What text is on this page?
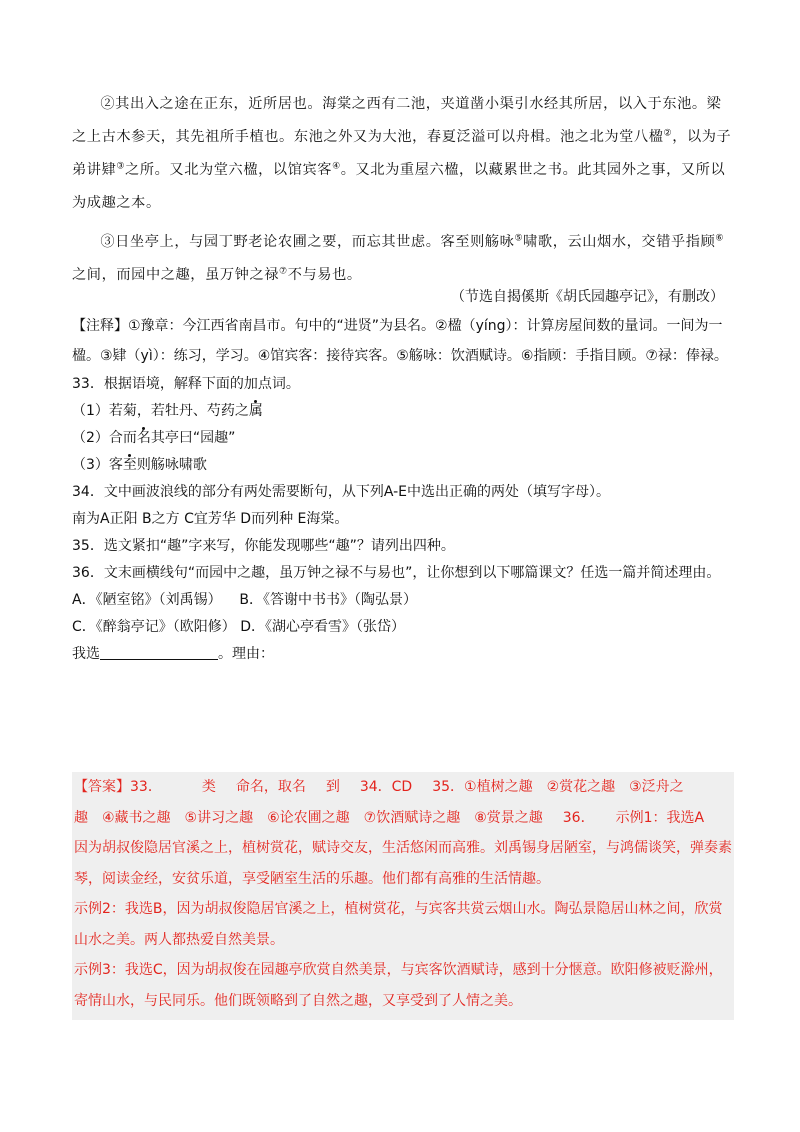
②其出入之途在正东，近所居也。海棠之西有二池，夹道凿小渠引水经其所居，以入于东池。梁之上古木参天，其先祖所手植也。东池之外又为大池，春夏泛溢可以舟楫。池之北为堂八楹②，以为子弟讲肄③之所。又北为堂六楹，以馆宾客④。又北为重屋六楹，以藏累世之书。此其园外之事，又所以为成趣之本。

③日坐亭上，与园丁野老论农圃之要，而忘其世虑。客至则觞咏⑤啸歌，云山烟水，交错乎指顾⑥之间，而园中之趣，虽万钟之禄⑦不与易也。

（节选自揭傒斯《胡氏园趣亭记》，有删改）

【注释】①豫章：今江西省南昌市。句中的“进贤”为县名。②楹（yíng）：计算房屋间数的量词。一间为一楹。③肄（yì）：练习，学习。④馆宾客：接待宾客。⑤觞咏：饮酒赋诗。⑥指顾：手指目顾。⑦禄：俸禄。

33．根据语境，解释下面的加点词。

（1）若菊，若牡丹、芍药之属

（2）合而名其亭曰“园趣”

（3）客至则觞咏啸歌

34．文中画波浪线的部分有两处需要断句，从下列A-E中选出正确的两处（填写字母）。

南为A正阳 B之方 C宜芳华 D而列种 E海棠。

35．选文紧扣“趣”字来写，你能发现哪些“趣”？请列出四种。

36．文末画横线句“而园中之趣，虽万钟之禄不与易也”，让你想到以下哪篇课文？任选一篇并简述理由。

A．《陋室铭》（刘禹锡） B．《答谢中书书》（陶弘景）

C．《醉翁亭记》（欧阳修） D．《湖心亭看雪》（张岱）

我选	。理由：

【答案】33．	类 命名，取名 到 34．CD 35．①植树之趣　②赏花之趣　③泛舟之

趣　④藏书之趣　⑤讲习之趣　⑥论农圃之趣　⑦饮酒赋诗之趣　⑧赏景之趣 36．　　示例1：我选A

因为胡叔俊隐居官溪之上，植树赏花，赋诗交友，生活悠闲而高雅。刘禹锡身居陋室，与鸿儒谈笑，弹奏素琴，阅读金经，安贫乐道，享受陋室生活的乐趣。他们都有高雅的生活情趣。

示例2：我选B，因为胡叔俊隐居官溪之上，植树赏花，与宾客共赏云烟山水。陶弘景隐居山林之间，欣赏山水之美。两人都热爱自然美景。

示例3：我选C，因为胡叔俊在园趣亭欣赏自然美景，与宾客饮酒赋诗，感到十分惬意。欧阳修被贬滁州，寄情山水，与民同乐。他们既领略到了自然之趣，又享受到了人情之美。
